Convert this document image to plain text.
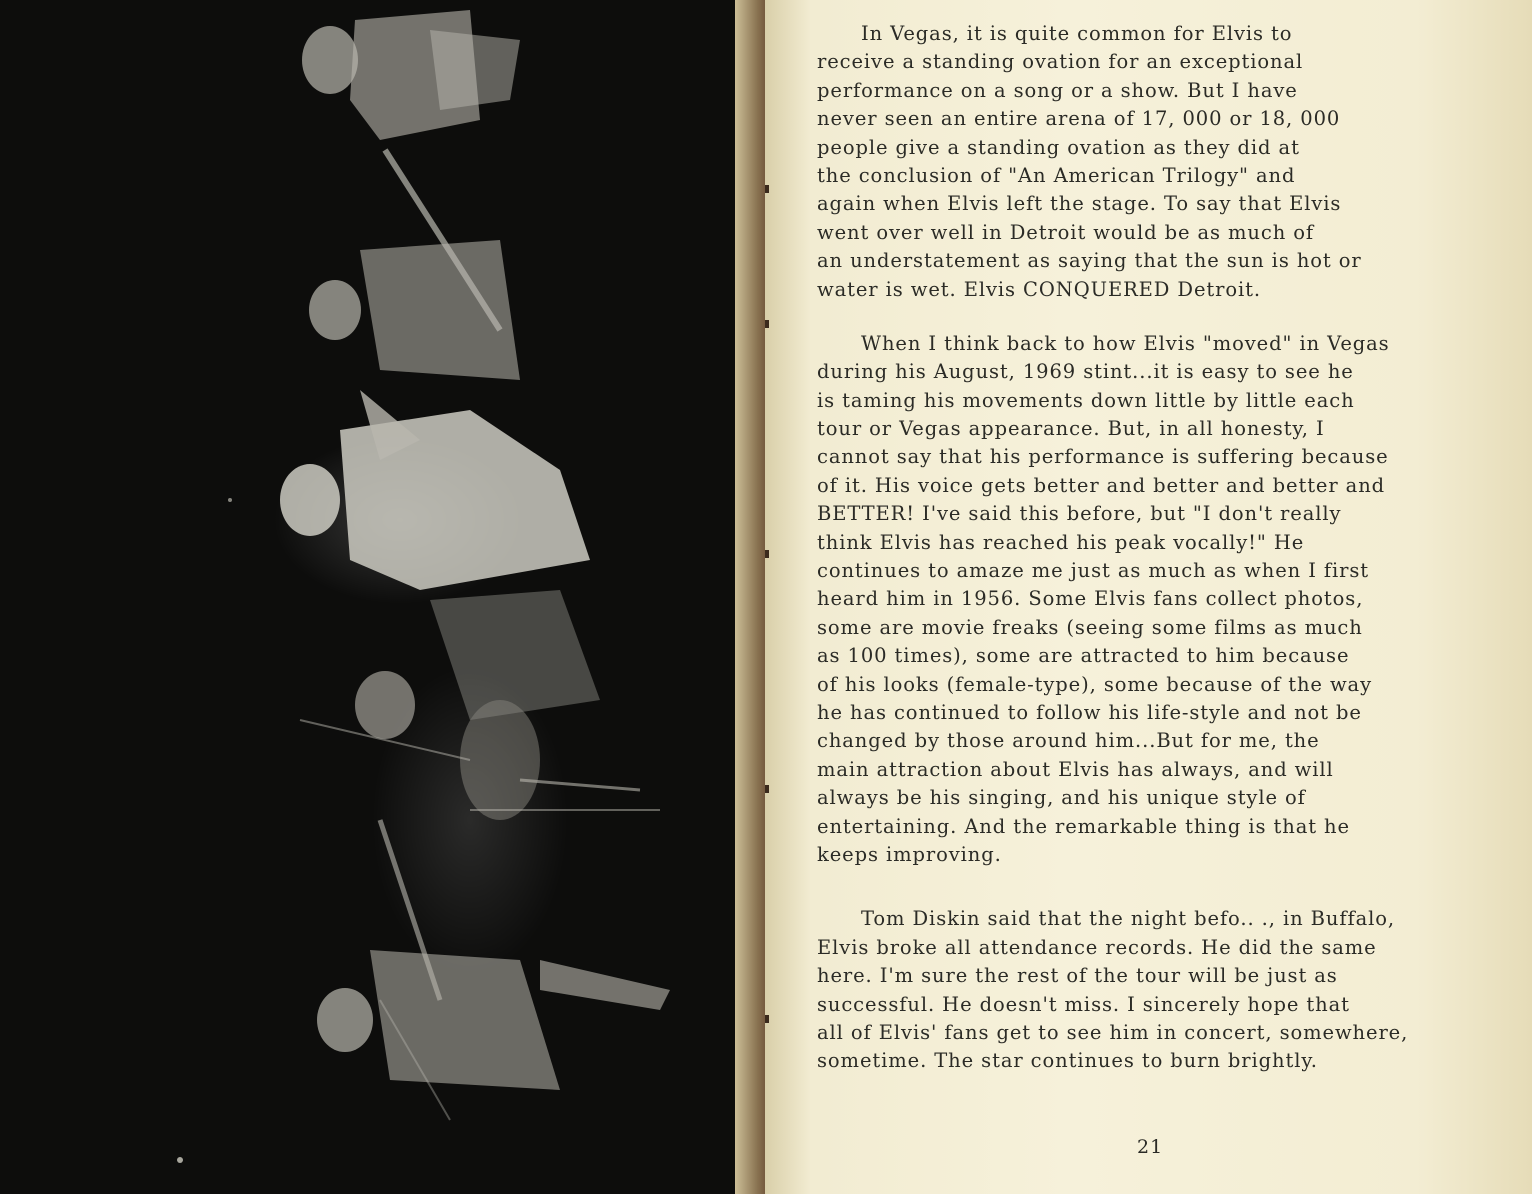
In Vegas, it is quite common for Elvis to
receive a standing ovation for an exceptional
performance on a song or a show. But I have
never seen an entire arena of 17, 000 or 18, 000
people give a standing ovation as they did at
the conclusion of "An American Trilogy" and
again when Elvis left the stage. To say that Elvis
went over well in Detroit would be as much of
an understatement as saying that the sun is hot or
water is wet. Elvis CONQUERED Detroit.
When I think back to how Elvis "moved" in Vegas
during his August, 1969 stint...it is easy to see he
is taming his movements down little by little each
tour or Vegas appearance. But, in all honesty, I
cannot say that his performance is suffering because
of it. His voice gets better and better and better and
BETTER! I've said this before, but "I don't really
think Elvis has reached his peak vocally!" He
continues to amaze me just as much as when I first
heard him in 1956. Some Elvis fans collect photos,
some are movie freaks (seeing some films as much
as 100 times), some are attracted to him because
of his looks (female-type), some because of the way
he has continued to follow his life-style and not be
changed by those around him...But for me, the
main attraction about Elvis has always, and will
always be his singing, and his unique style of
entertaining. And the remarkable thing is that he
keeps improving.
Tom Diskin said that the night befo.. ., in Buffalo,
Elvis broke all attendance records. He did the same
here. I'm sure the rest of the tour will be just as
successful. He doesn't miss. I sincerely hope that
all of Elvis' fans get to see him in concert, somewhere,
sometime. The star continues to burn brightly.
21
